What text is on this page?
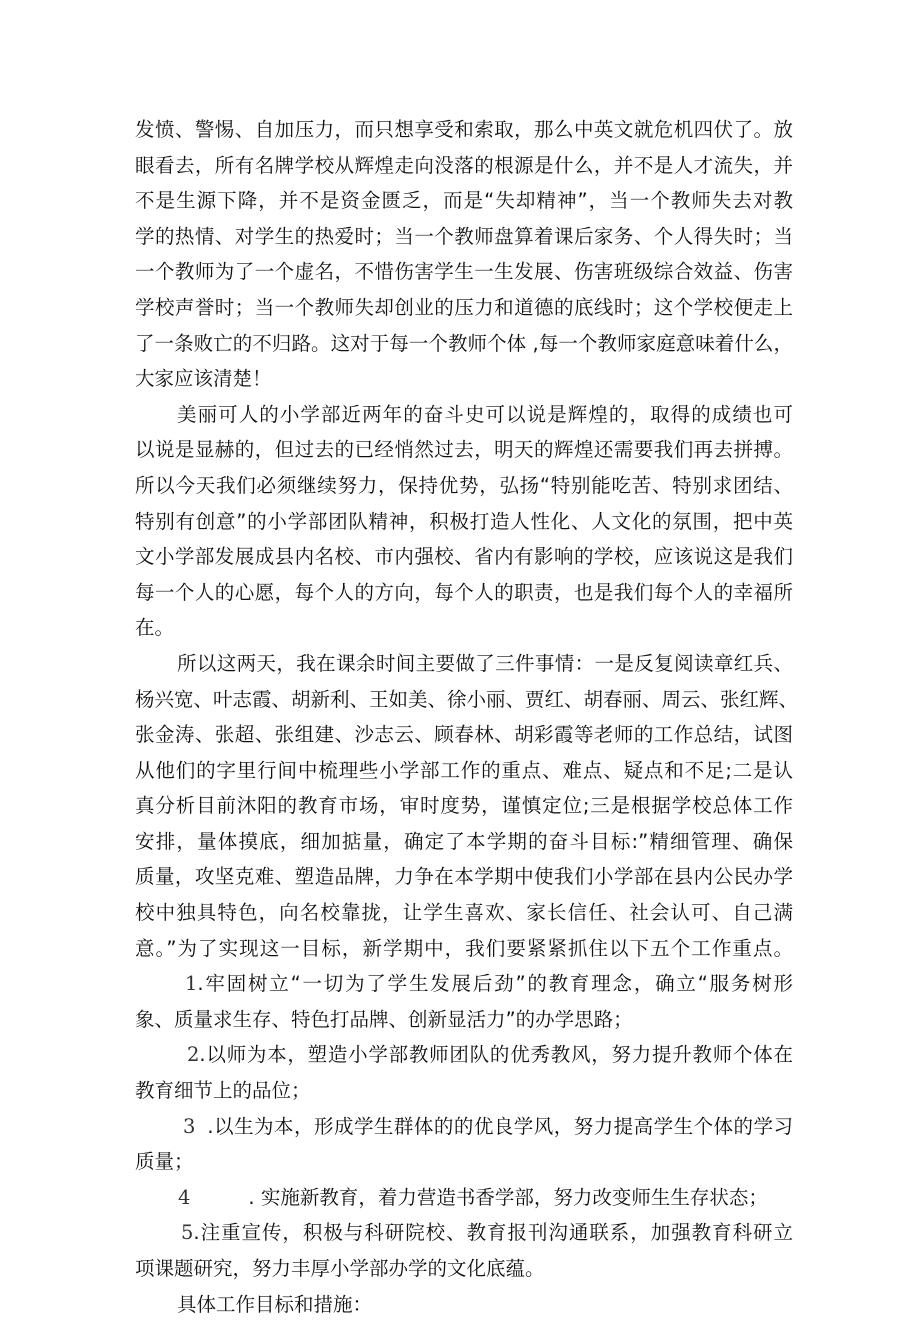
发愤、警惕、自加压力，而只想享受和索取，那么中英文就危机四伏了。放
眼看去，所有名牌学校从辉煌走向没落的根源是什么，并不是人才流失，并
不是生源下降，并不是资金匮乏，而是“失却精神”，当一个教师失去对教
学的热情、对学生的热爱时；当一个教师盘算着课后家务、个人得失时；当
一个教师为了一个虚名，不惜伤害学生一生发展、伤害班级综合效益、伤害
学校声誉时；当一个教师失却创业的压力和道德的底线时；这个学校便走上
了一条败亡的不归路。这对于每一个教师个体 ,每一个教师家庭意味着什么，
大家应该清楚！
美丽可人的小学部近两年的奋斗史可以说是辉煌的，取得的成绩也可
以说是显赫的，但过去的已经悄然过去，明天的辉煌还需要我们再去拼搏。
所以今天我们必须继续努力，保持优势，弘扬“特别能吃苦、特别求团结、
特别有创意”的小学部团队精神，积极打造人性化、人文化的氛围，把中英
文小学部发展成县内名校、市内强校、省内有影响的学校，应该说这是我们
每一个人的心愿，每个人的方向，每个人的职责，也是我们每个人的幸福所
在。
所以这两天，我在课余时间主要做了三件事情：一是反复阅读章红兵、
杨兴宽、叶志霞、胡新利、王如美、徐小丽、贾红、胡春丽、周云、张红辉、
张金涛、张超、张组建、沙志云、顾春林、胡彩霞等老师的工作总结，试图
从他们的字里行间中梳理些小学部工作的重点、难点、疑点和不足;二是认
真分析目前沐阳的教育市场，审时度势，谨慎定位;三是根据学校总体工作
安排，量体摸底，细加掂量，确定了本学期的奋斗目标:”精细管理、确保
质量，攻坚克难、塑造品牌，力争在本学期中使我们小学部在县内公民办学
校中独具特色，向名校靠拢，让学生喜欢、家长信任、社会认可、自己满
意。”为了实现这一目标，新学期中，我们要紧紧抓住以下五个工作重点。
1.牢固树立“一切为了学生发展后劲”的教育理念，确立“服务树形
象、质量求生存、特色打品牌、创新显活力”的办学思路；
2.以师为本，塑造小学部教师团队的优秀教风，努力提升教师个体在
教育细节上的品位；
3 .以生为本，形成学生群体的的优良学风，努力提高学生个体的学习
质量；
4	. 实施新教育，着力营造书香学部，努力改变师生生存状态；
5.注重宣传，积极与科研院校、教育报刊沟通联系，加强教育科研立
项课题研究，努力丰厚小学部办学的文化底蕴。
具体工作目标和措施：
